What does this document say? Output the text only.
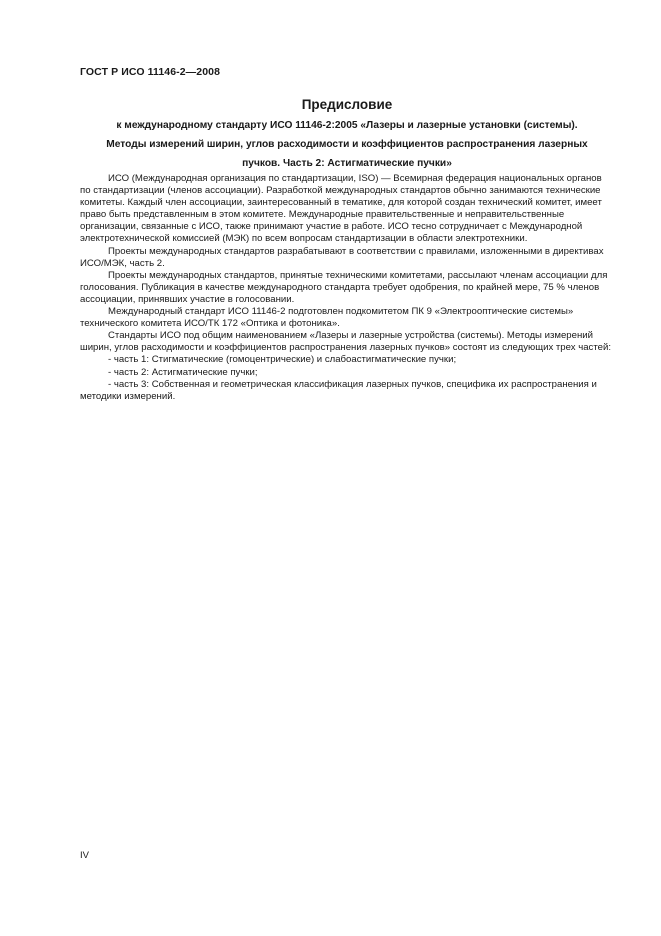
ГОСТ Р ИСО 11146-2—2008
Предисловие
к международному стандарту ИСО 11146-2:2005 «Лазеры и лазерные установки (системы).
Методы измерений ширин, углов расходимости и коэффициентов распространения лазерных
пучков. Часть 2: Астигматические пучки»

ИСО (Международная организация по стандартизации, ISO) — Всемирная федерация национальных органов по стандартизации (членов ассоциации). Разработкой международных стандартов обычно занимаются технические комитеты. Каждый член ассоциации, заинтересованный в тематике, для которой создан технический комитет, имеет право быть представленным в этом комитете. Международные правительственные и неправительственные организации, связанные с ИСО, также принимают участие в работе. ИСО тесно сотрудничает с Международной электротехнической комиссией (МЭК) по всем вопросам стандартизации в области электротехники.

Проекты международных стандартов разрабатывают в соответствии с правилами, изложенными в директивах ИСО/МЭК, часть 2.

Проекты международных стандартов, принятые техническими комитетами, рассылают членам ассоциации для голосования. Публикация в качестве международного стандарта требует одобрения, по крайней мере, 75 % членов ассоциации, принявших участие в голосовании.

Международный стандарт ИСО 11146-2 подготовлен подкомитетом ПК 9 «Электрооптические системы» технического комитета ИСО/ТК 172 «Оптика и фотоника».

Стандарты ИСО под общим наименованием «Лазеры и лазерные устройства (системы). Методы измерений ширин, углов расходимости и коэффициентов распространения лазерных пучков» состоят из следующих трех частей:

- часть 1: Стигматические (гомоцентрические) и слабоастигматические пучки;

- часть 2: Астигматические пучки;

- часть 3: Собственная и геометрическая классификация лазерных пучков, специфика их распространения и методики измерений.

IV
